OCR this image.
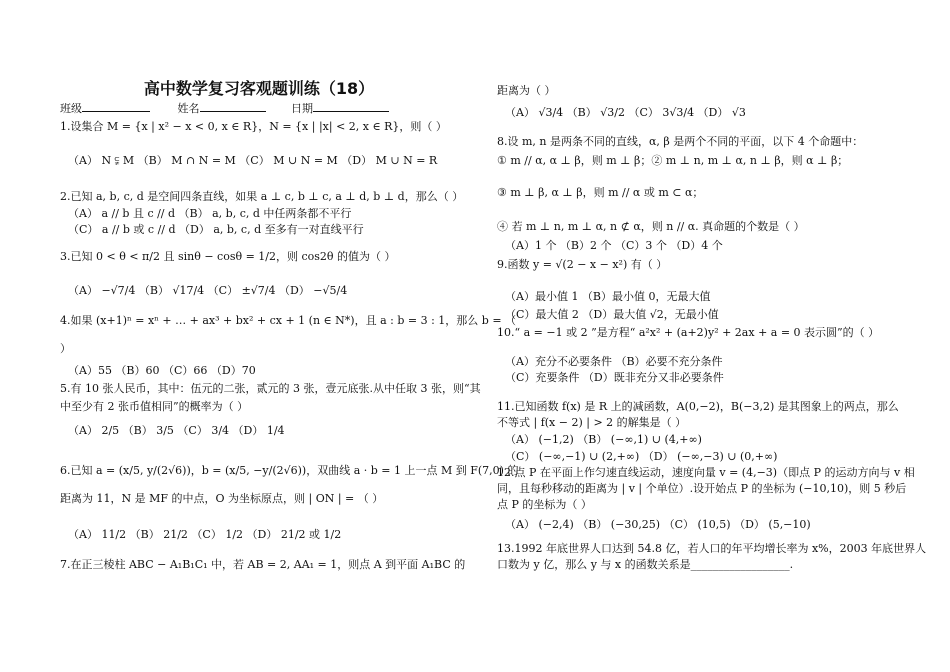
高中数学复习客观题训练（18）
班级	姓名	日期
1.设集合 M = {x | x² − x < 0, x ∈ R}，N = {x | |x| < 2, x ∈ R}，则（ ）
（A） N ⫋ M （B） M ∩ N = M （C） M ∪ N = M （D） M ∪ N = R
2.已知 a, b, c, d 是空间四条直线，如果 a ⊥ c, b ⊥ c, a ⊥ d, b ⊥ d，那么（ ）
（A） a // b 且 c // d （B） a, b, c, d 中任两条都不平行
（C） a // b 或 c // d （D） a, b, c, d 至多有一对直线平行
3.已知 0 < θ < π/2 且 sinθ − cosθ = 1/2，则 cos2θ 的值为（ ）
（A） −√7/4 （B） √17/4 （C） ±√7/4 （D） −√5/4
4.如果 (x+1)ⁿ = xⁿ + … + ax³ + bx² + cx + 1 (n ∈ N*)，且 a : b = 3 : 1，那么 b = （
）
（A）55 （B）60 （C）66 （D）70
5.有 10 张人民币，其中：伍元的二张，贰元的 3 张，壹元底张.从中任取 3 张，则“其
中至少有 2 张币值相同”的概率为（ ）
（A） 2/5 （B） 3/5 （C） 3/4 （D） 1/4
6.已知 a = (x/5, y/(2√6))，b = (x/5, −y/(2√6))，双曲线 a · b = 1 上一点 M 到 F(7,0) 的
距离为 11，N 是 MF 的中点，O 为坐标原点，则 | ON | = （ ）
（A） 11/2 （B） 21/2 （C） 1/2 （D） 21/2 或 1/2
7.在正三棱柱 ABC − A₁B₁C₁ 中，若 AB = 2, AA₁ = 1，则点 A 到平面 A₁BC 的
距离为（ ）
（A） √3/4 （B） √3/2 （C） 3√3/4 （D） √3
8.设 m, n 是两条不同的直线，α, β 是两个不同的平面，以下 4 个命题中：
① m // α, α ⊥ β，则 m ⊥ β；② m ⊥ n, m ⊥ α, n ⊥ β，则 α ⊥ β；
③ m ⊥ β, α ⊥ β，则 m // α 或 m ⊂ α；
④ 若 m ⊥ n, m ⊥ α, n ⊄ α，则 n // α. 真命题的个数是（ ）
（A）1 个 （B）2 个 （C）3 个 （D）4 个
9.函数 y = √(2 − x − x²) 有（ ）
（A）最小值 1 （B）最小值 0，无最大值
（C）最大值 2 （D）最大值 √2，无最小值
10.“ a = −1 或 2 ”是方程“ a²x² + (a+2)y² + 2ax + a = 0 表示圆”的（ ）
（A）充分不必要条件 （B）必要不充分条件
（C）充要条件 （D）既非充分又非必要条件
11.已知函数 f(x) 是 R 上的减函数，A(0,−2)，B(−3,2) 是其图象上的两点，那么
不等式 | f(x − 2) | > 2 的解集是（ ）
（A） (−1,2) （B） (−∞,1) ∪ (4,+∞)
（C） (−∞,−1) ∪ (2,+∞) （D） (−∞,−3) ∪ (0,+∞)
12.点 P 在平面上作匀速直线运动，速度向量 v = (4,−3)（即点 P 的运动方向与 v 相
同，且每秒移动的距离为 | v | 个单位）.设开始点 P 的坐标为 (−10,10)，则 5 秒后
点 P 的坐标为（ ）
（A） (−2,4) （B） (−30,25) （C） (10,5) （D） (5,−10)
13.1992 年底世界人口达到 54.8 亿，若人口的年平均增长率为 x%，2003 年底世界人
口数为 y 亿，那么 y 与 x 的函数关系是__________________.
